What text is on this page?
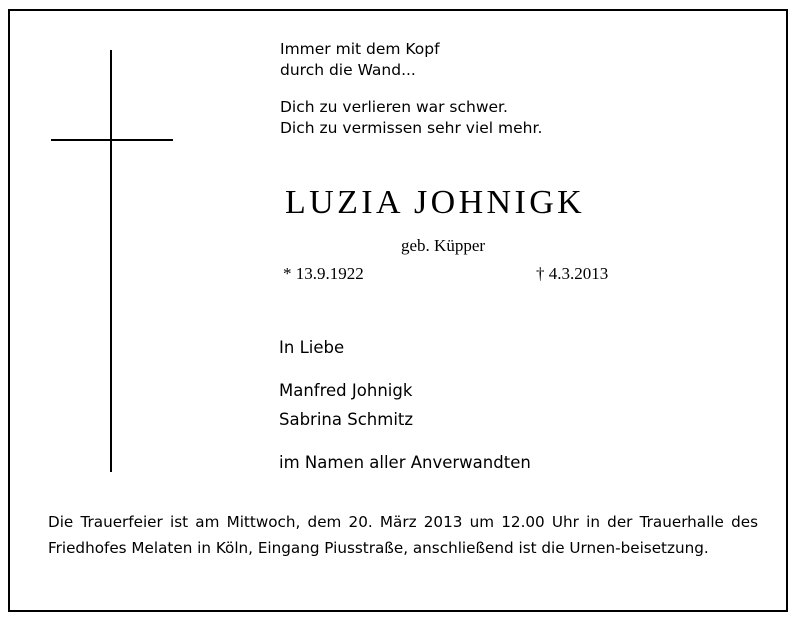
Immer mit dem Kopf
durch die Wand...
Dich zu verlieren war schwer.
Dich zu vermissen sehr viel mehr.
LUZIA JOHNIGK
geb. Küpper
* 13.9.1922	† 4.3.2013
In Liebe
Manfred Johnigk
Sabrina Schmitz
im Namen aller Anverwandten
Die Trauerfeier ist am Mittwoch, dem 20. März 2013 um 12.00 Uhr in der Trauerhalle des Friedhofes Melaten in Köln, Eingang Piusstraße, anschließend ist die Urnen-beisetzung.
